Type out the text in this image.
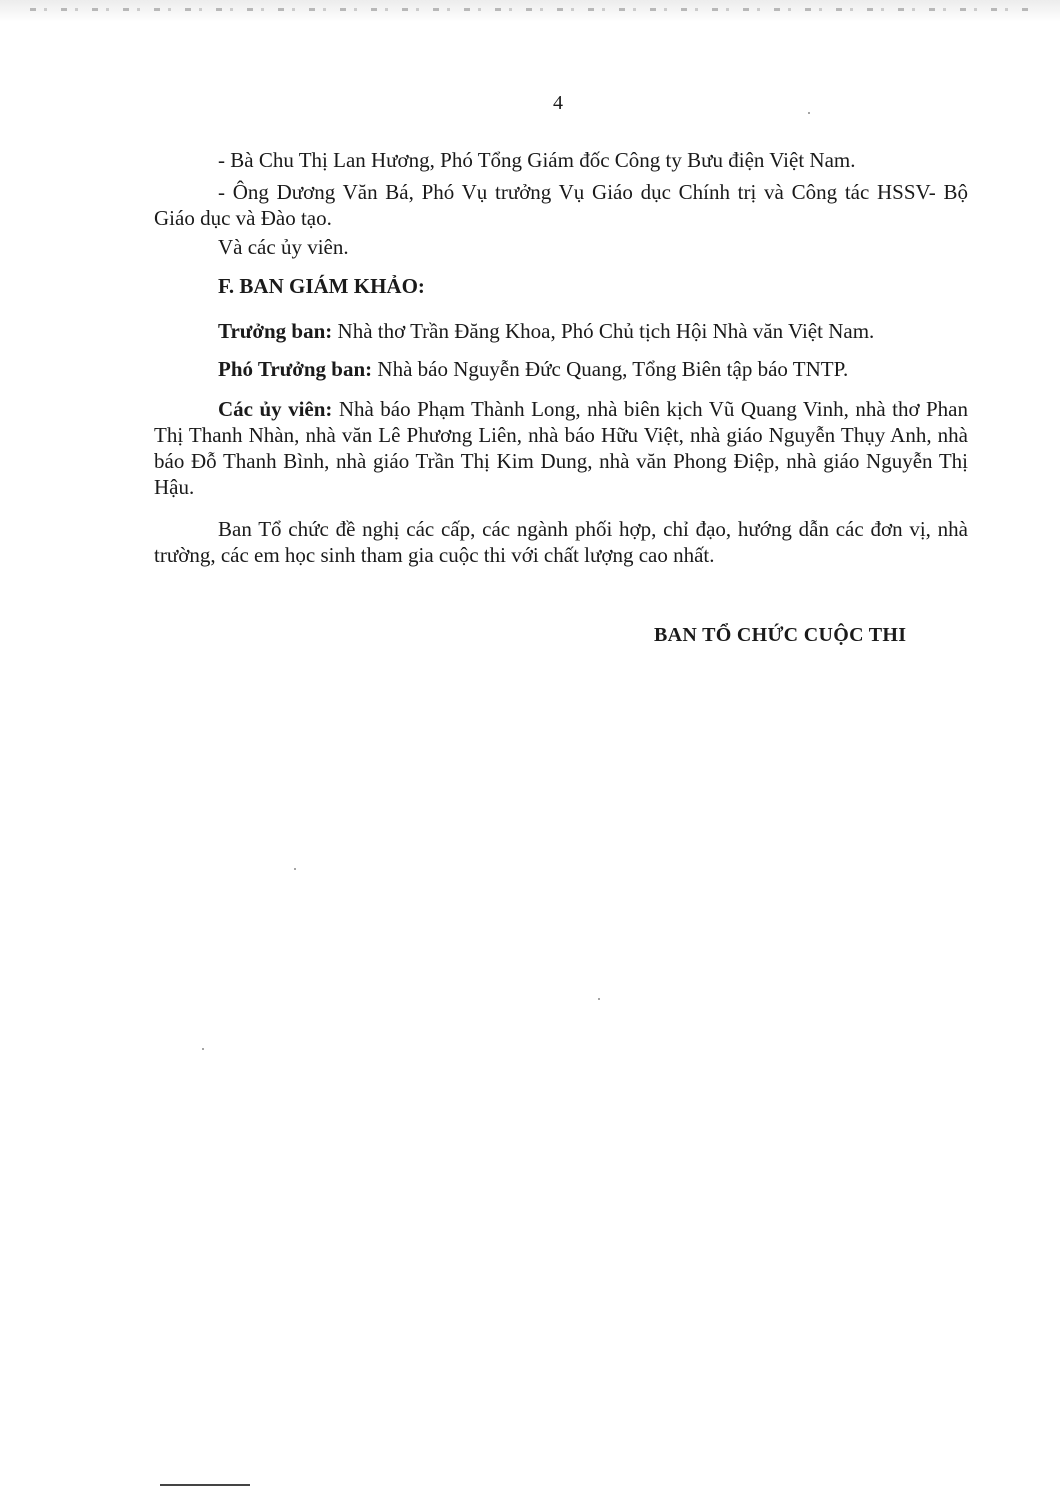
4

- Bà Chu Thị Lan Hương, Phó Tổng Giám đốc Công ty Bưu điện Việt Nam.

- Ông Dương Văn Bá, Phó Vụ trưởng Vụ Giáo dục Chính trị và Công tác HSSV- Bộ Giáo dục và Đào tạo.

Và các ủy viên.

F. BAN GIÁM KHẢO:

Trưởng ban: Nhà thơ Trần Đăng Khoa, Phó Chủ tịch Hội Nhà văn Việt Nam.

Phó Trưởng ban: Nhà báo Nguyễn Đức Quang, Tổng Biên tập báo TNTP.

Các ủy viên: Nhà báo Phạm Thành Long, nhà biên kịch Vũ Quang Vinh, nhà thơ Phan Thị Thanh Nhàn, nhà văn Lê Phương Liên, nhà báo Hữu Việt, nhà giáo Nguyễn Thụy Anh, nhà báo Đỗ Thanh Bình, nhà giáo Trần Thị Kim Dung, nhà văn Phong Điệp, nhà giáo Nguyễn Thị Hậu.

Ban Tổ chức đề nghị các cấp, các ngành phối hợp, chỉ đạo, hướng dẫn các đơn vị, nhà trường, các em học sinh tham gia cuộc thi với chất lượng cao nhất.

BAN TỔ CHỨC CUỘC THI
